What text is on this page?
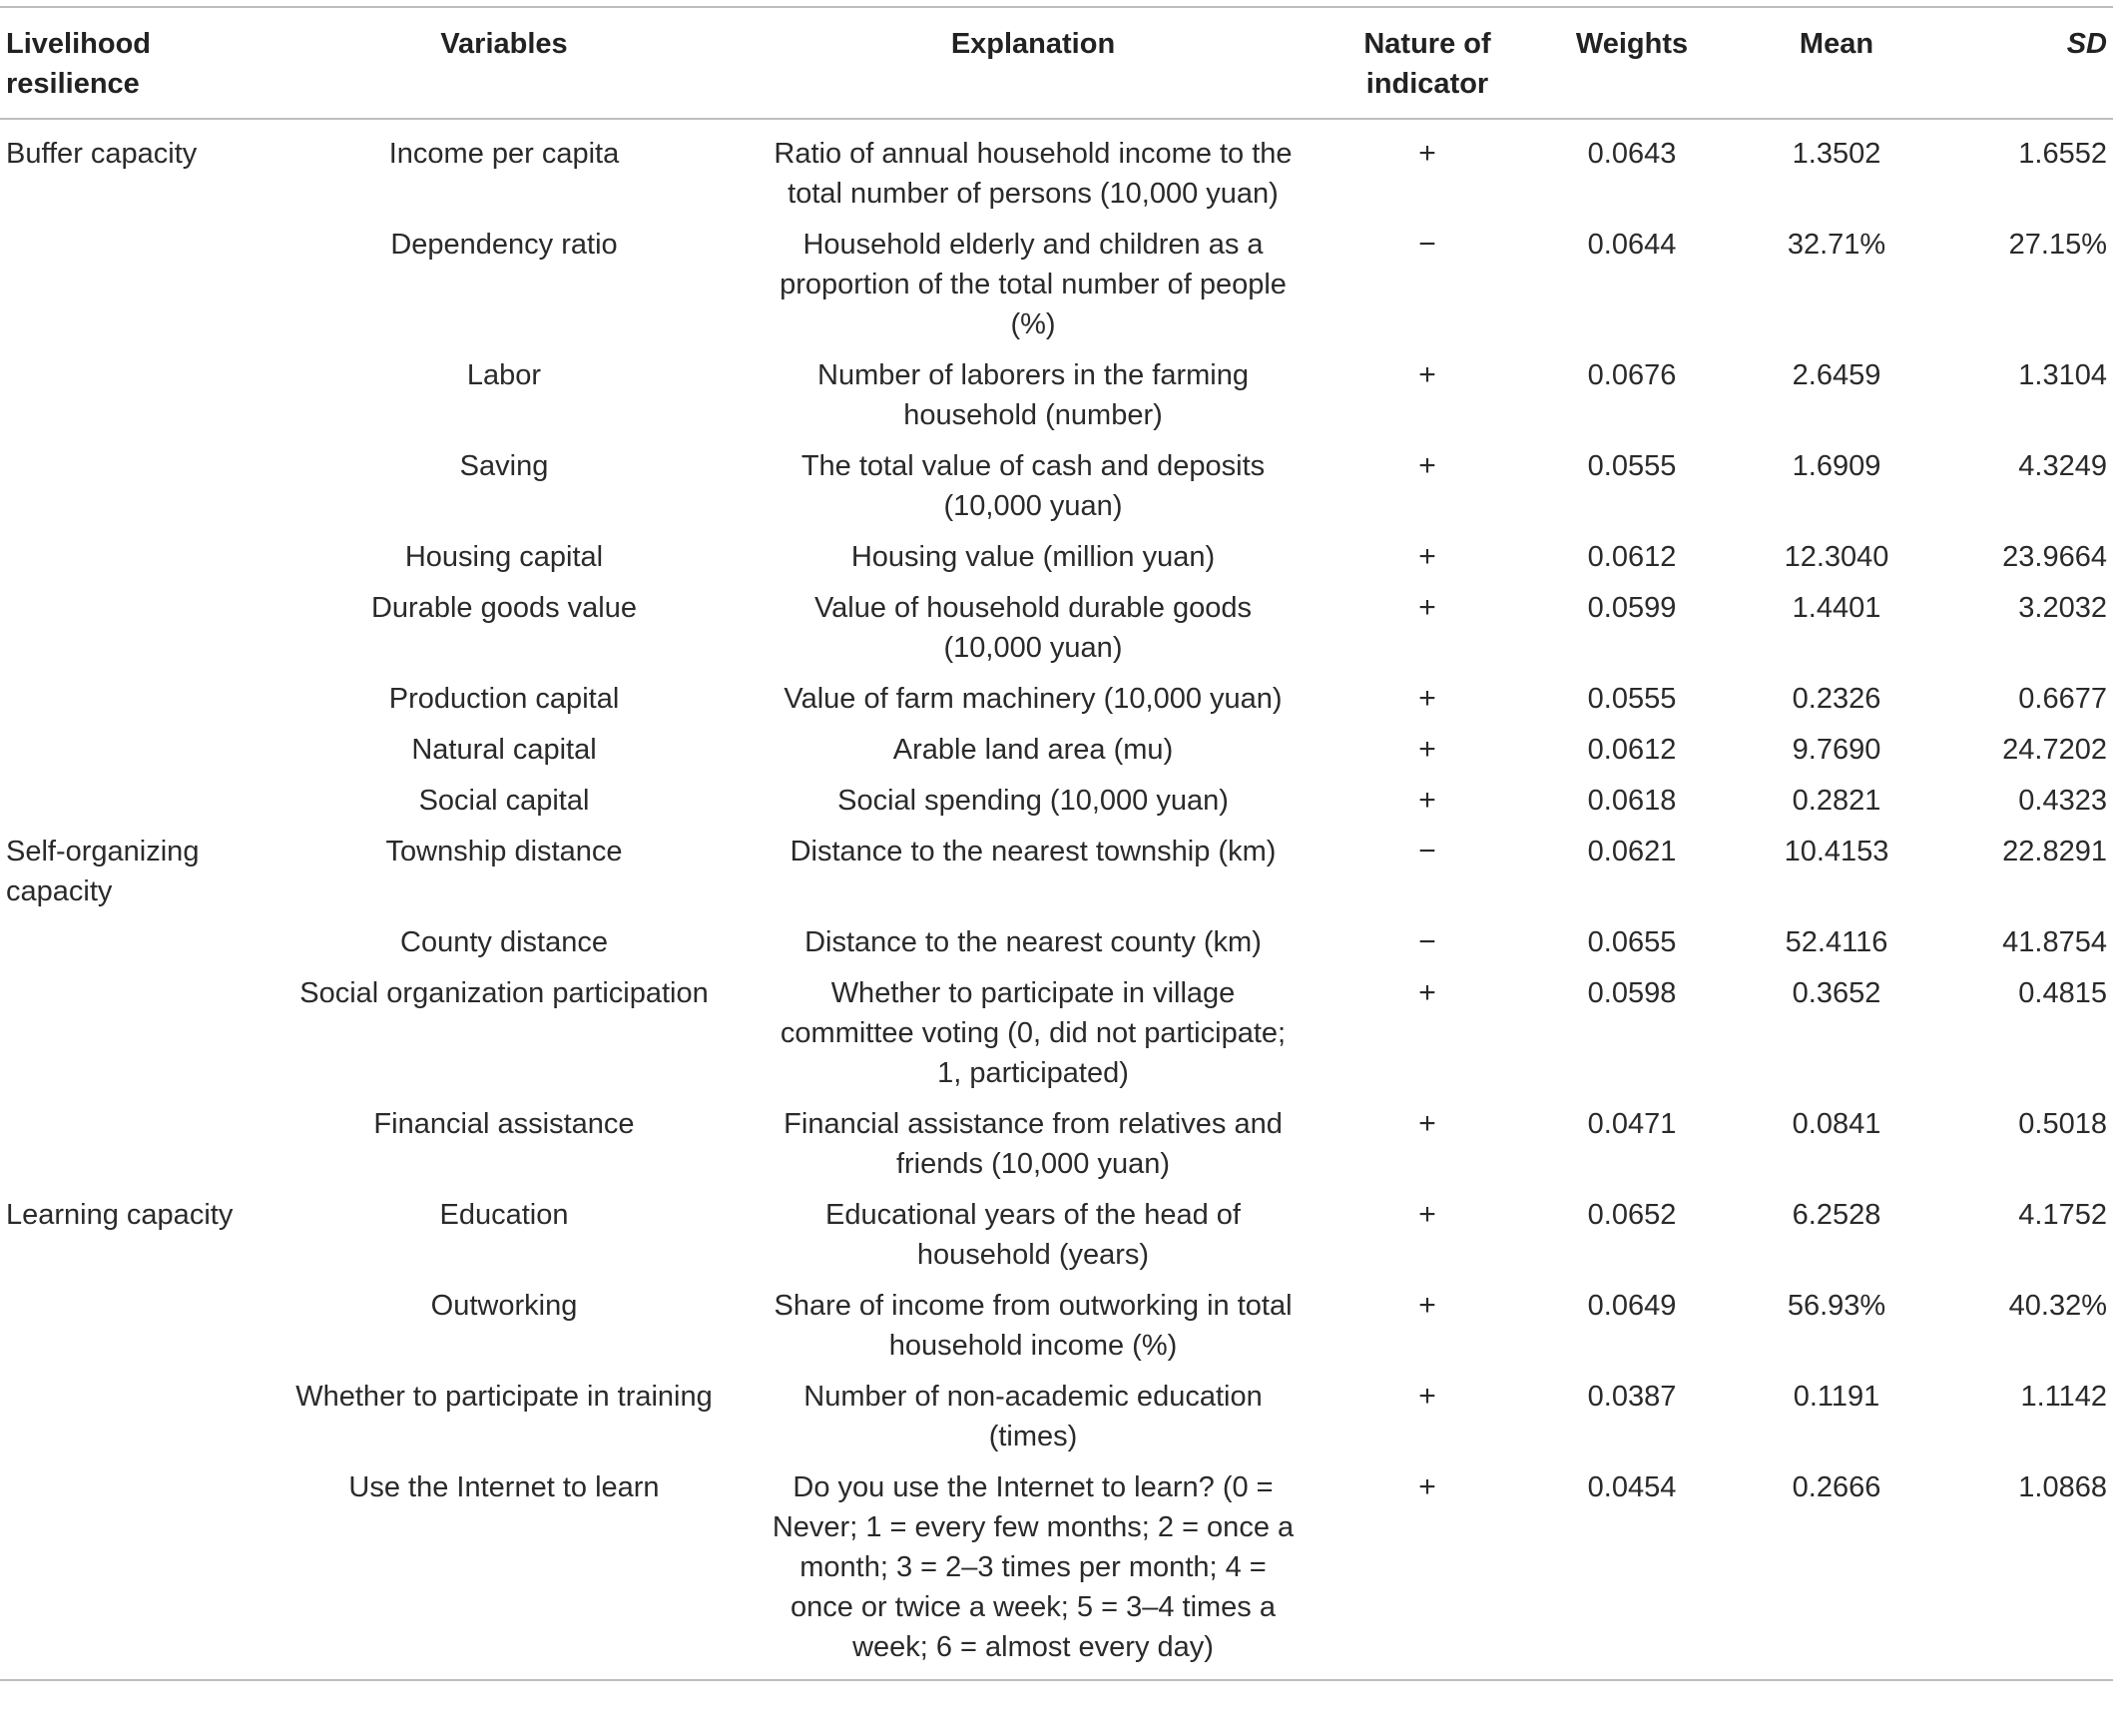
Livelihood resilience	Variables	Explanation	Nature of indicator	Weights	Mean	SD
Buffer capacity	Income per capita	Ratio of annual household income to the total number of persons (10,000 yuan)	+	0.0643	1.3502	1.6552
	Dependency ratio	Household elderly and children as a proportion of the total number of people (%)	−	0.0644	32.71%	27.15%
	Labor	Number of laborers in the farming household (number)	+	0.0676	2.6459	1.3104
	Saving	The total value of cash and deposits (10,000 yuan)	+	0.0555	1.6909	4.3249
	Housing capital	Housing value (million yuan)	+	0.0612	12.3040	23.9664
	Durable goods value	Value of household durable goods (10,000 yuan)	+	0.0599	1.4401	3.2032
	Production capital	Value of farm machinery (10,000 yuan)	+	0.0555	0.2326	0.6677
	Natural capital	Arable land area (mu)	+	0.0612	9.7690	24.7202
	Social capital	Social spending (10,000 yuan)	+	0.0618	0.2821	0.4323
Self-organizing capacity	Township distance	Distance to the nearest township (km)	−	0.0621	10.4153	22.8291
	County distance	Distance to the nearest county (km)	−	0.0655	52.4116	41.8754
	Social organization participation	Whether to participate in village committee voting (0, did not participate; 1, participated)	+	0.0598	0.3652	0.4815
	Financial assistance	Financial assistance from relatives and friends (10,000 yuan)	+	0.0471	0.0841	0.5018
Learning capacity	Education	Educational years of the head of household (years)	+	0.0652	6.2528	4.1752
	Outworking	Share of income from outworking in total household income (%)	+	0.0649	56.93%	40.32%
	Whether to participate in training	Number of non-academic education (times)	+	0.0387	0.1191	1.1142
	Use the Internet to learn	Do you use the Internet to learn? (0 = Never; 1 = every few months; 2 = once a month; 3 = 2–3 times per month; 4 = once or twice a week; 5 = 3–4 times a week; 6 = almost every day)	+	0.0454	0.2666	1.0868
